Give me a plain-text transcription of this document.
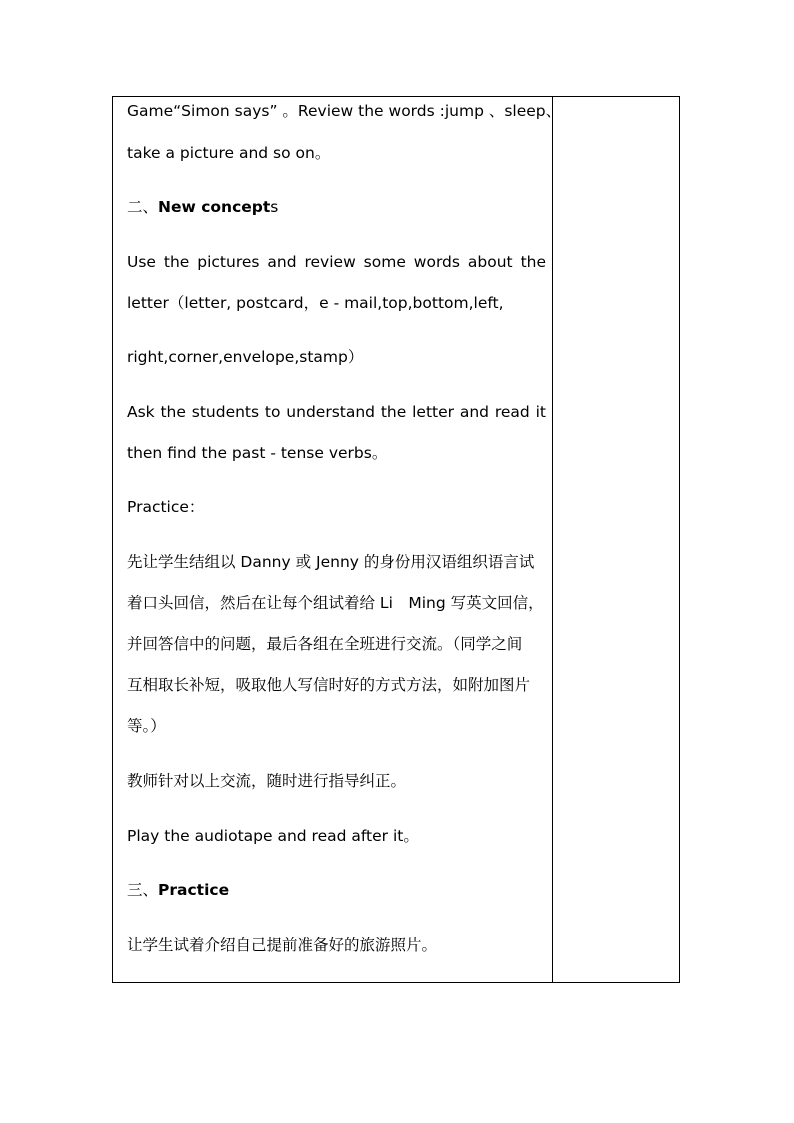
Game“Simon says” 。Review the words :jump 、sleep、
take a picture and so on。
二、New concepts
Use the pictures and review some words about the
letter（letter, postcard，e - mail,top,bottom,left,
right,corner,envelope,stamp）
Ask the students to understand the letter and read it
then find the past - tense verbs。
Practice：
先让学生结组以 Danny 或 Jenny 的身份用汉语组织语言试
着口头回信，然后在让每个组试着给 Li　Ming 写英文回信，
并回答信中的问题，最后各组在全班进行交流。（同学之间
互相取长补短，吸取他人写信时好的方式方法，如附加图片
等。）
教师针对以上交流，随时进行指导纠正。
Play the audiotape and read after it。
三、Practice
让学生试着介绍自己提前准备好的旅游照片。
